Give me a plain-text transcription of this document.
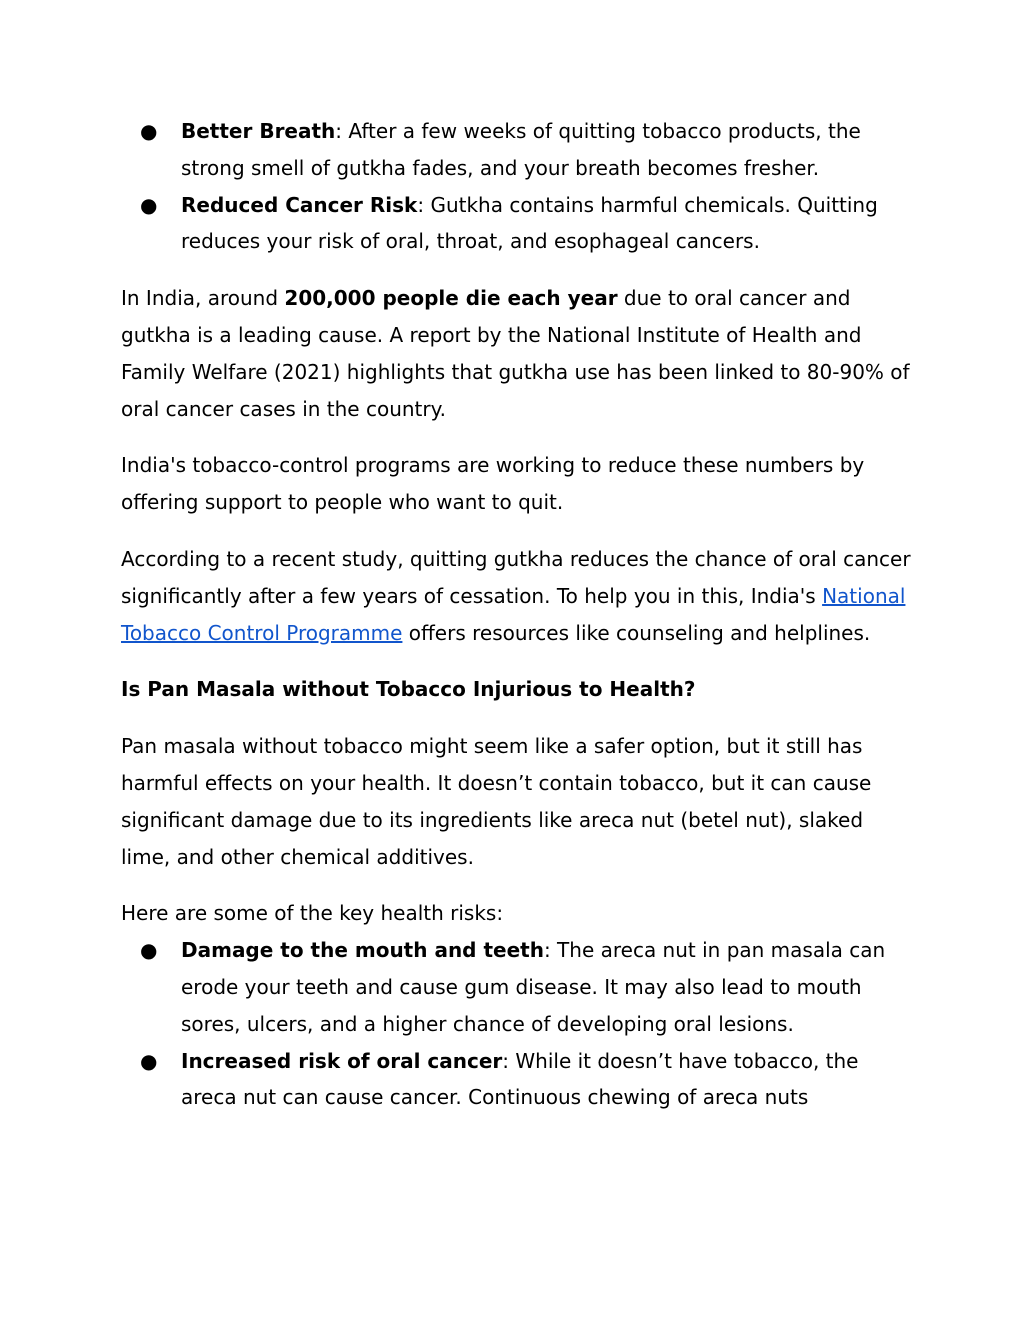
● Better Breath: After a few weeks of quitting tobacco products, the strong smell of gutkha fades, and your breath becomes fresher.
● Reduced Cancer Risk: Gutkha contains harmful chemicals. Quitting reduces your risk of oral, throat, and esophageal cancers.

In India, around 200,000 people die each year due to oral cancer and gutkha is a leading cause. A report by the National Institute of Health and Family Welfare (2021) highlights that gutkha use has been linked to 80-90% of oral cancer cases in the country.

India's tobacco-control programs are working to reduce these numbers by offering support to people who want to quit.

According to a recent study, quitting gutkha reduces the chance of oral cancer significantly after a few years of cessation. To help you in this, India's National Tobacco Control Programme offers resources like counseling and helplines.

Is Pan Masala without Tobacco Injurious to Health?

Pan masala without tobacco might seem like a safer option, but it still has harmful effects on your health. It doesn’t contain tobacco, but it can cause significant damage due to its ingredients like areca nut (betel nut), slaked lime, and other chemical additives.

Here are some of the key health risks:

● Damage to the mouth and teeth: The areca nut in pan masala can erode your teeth and cause gum disease. It may also lead to mouth sores, ulcers, and a higher chance of developing oral lesions.
● Increased risk of oral cancer: While it doesn’t have tobacco, the areca nut can cause cancer. Continuous chewing of areca nuts
